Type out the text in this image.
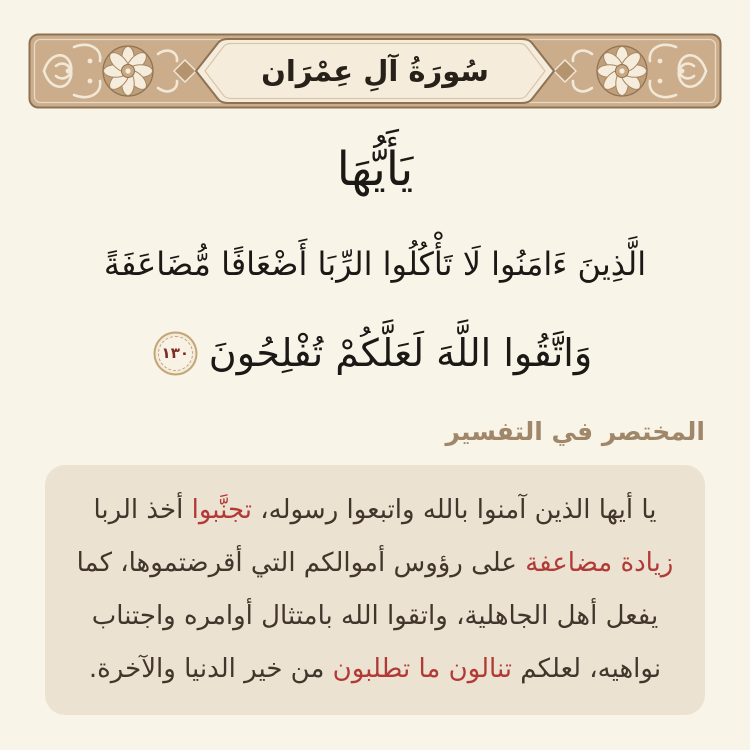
سُورَةُ آلِ عِمْرَان
يَأَيُّهَا
الَّذِينَ ءَامَنُوا لَا تَأْكُلُوا الرِّبَا أَضْعَافًا مُّضَاعَفَةً
وَاتَّقُوا اللَّهَ لَعَلَّكُمْ تُفْلِحُونَ
١٣٠
المختصر في التفسير

يا أيها الذين آمنوا بالله واتبعوا رسوله، تجنَّبوا أخذ الربا

زيادة مضاعفة على رؤوس أموالكم التي أقرضتموها، كما

يفعل أهل الجاهلية، واتقوا الله بامتثال أوامره واجتناب

نواهيه، لعلكم تنالون ما تطلبون من خير الدنيا والآخرة.
